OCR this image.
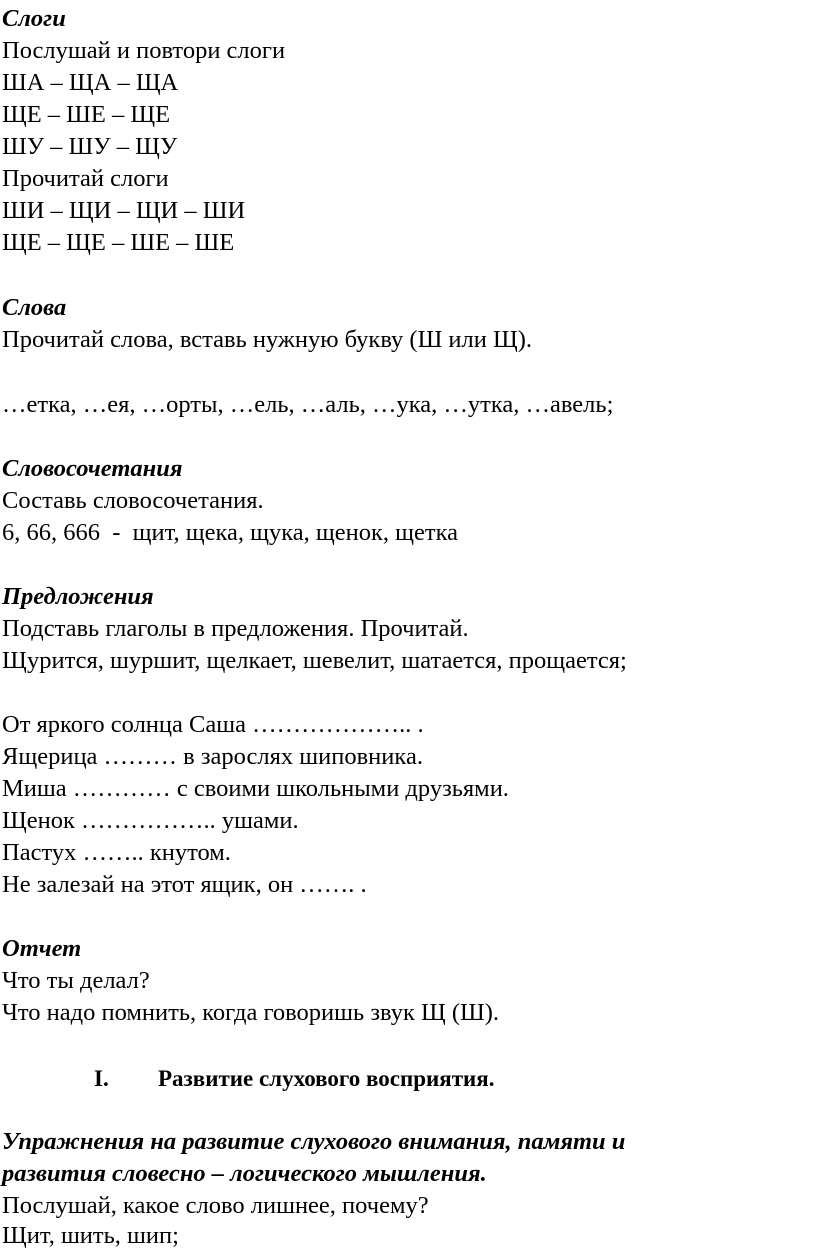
Слоги
Послушай и повтори слоги
ША – ЩА – ЩА
ЩЕ – ШЕ – ЩЕ
ШУ – ШУ – ЩУ
Прочитай слоги
ШИ – ЩИ – ЩИ – ШИ
ЩЕ – ЩЕ – ШЕ – ШЕ
Слова
Прочитай слова, вставь нужную букву (Ш или Щ).
…етка, …ея, …орты, …ель, …аль, …ука, …утка, …авель;
Словосочетания
Составь словосочетания.
6, 66, 666  -  щит, щека, щука, щенок, щетка
Предложения
Подставь глаголы в предложения. Прочитай.
Щурится, шуршит, щелкает, шевелит, шатается, прощается;
От яркого солнца Саша ……………….. .
Ящерица ……… в зарослях шиповника.
Миша ………… с своими школьными друзьями.
Щенок …………….. ушами.
Пастух …….. кнутом.
Не залезай на этот ящик, он ……. .
Отчет
Что ты делал?
Что надо помнить, когда говоришь звук Щ (Ш).
I. Развитие слухового восприятия.
Упражнения на развитие слухового внимания, памяти и
развития словесно – логического мышления.
Послушай, какое слово лишнее, почему?
Щит, шить, шип;
